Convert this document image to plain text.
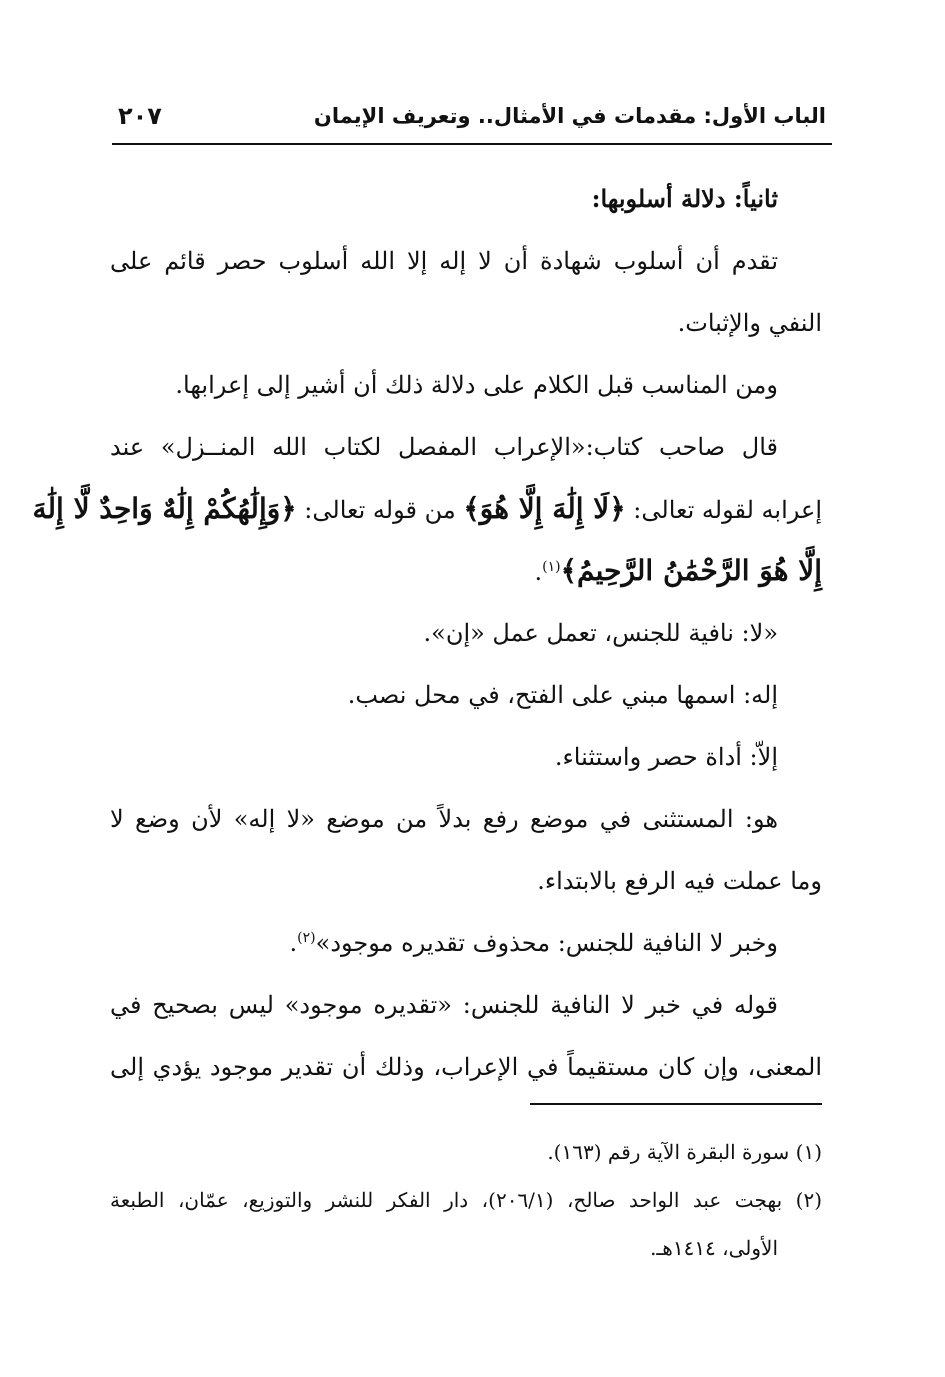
الباب الأول: مقدمات في الأمثال.. وتعريف الإيمان
٢٠٧
ثانياً: دلالة أسلوبها:
تقدم أن أسلوب شهادة أن لا إله إلا الله أسلوب حصر قائم على
النفي والإثبات.
ومن المناسب قبل الكلام على دلالة ذلك أن أشير إلى إعرابها.
قال صاحب كتاب:«الإعراب المفصل لكتاب الله المنــزل» عند
إعرابه لقوله تعالى: ﴿لَا إِلَٰهَ إِلَّا هُوَ﴾ من قوله تعالى: ﴿وَإِلَٰهُكُمْ إِلَٰهٌ وَاحِدٌ لَّا إِلَٰهَ
إِلَّا هُوَ الرَّحْمَٰنُ الرَّحِيمُ﴾$^{(١)}$.
«لا: نافية للجنس، تعمل عمل «إن».
إله: اسمها مبني على الفتح، في محل نصب.
إلاّ: أداة حصر واستثناء.
هو: المستثنى في موضع رفع بدلاً من موضع «لا إله» لأن وضع لا
وما عملت فيه الرفع بالابتداء.
وخبر لا النافية للجنس: محذوف تقديره موجود»$^{(٢)}$.
قوله في خبر لا النافية للجنس: «تقديره موجود» ليس بصحيح في
المعنى، وإن كان مستقيماً في الإعراب، وذلك أن تقدير موجود يؤدي إلى
(١) سورة البقرة الآية رقم (١٦٣).
(٢) بهجت عبد الواحد صالح، (٢٠٦/١)، دار الفكر للنشر والتوزيع، عمّان، الطبعة
الأولى، ١٤١٤هـ.
